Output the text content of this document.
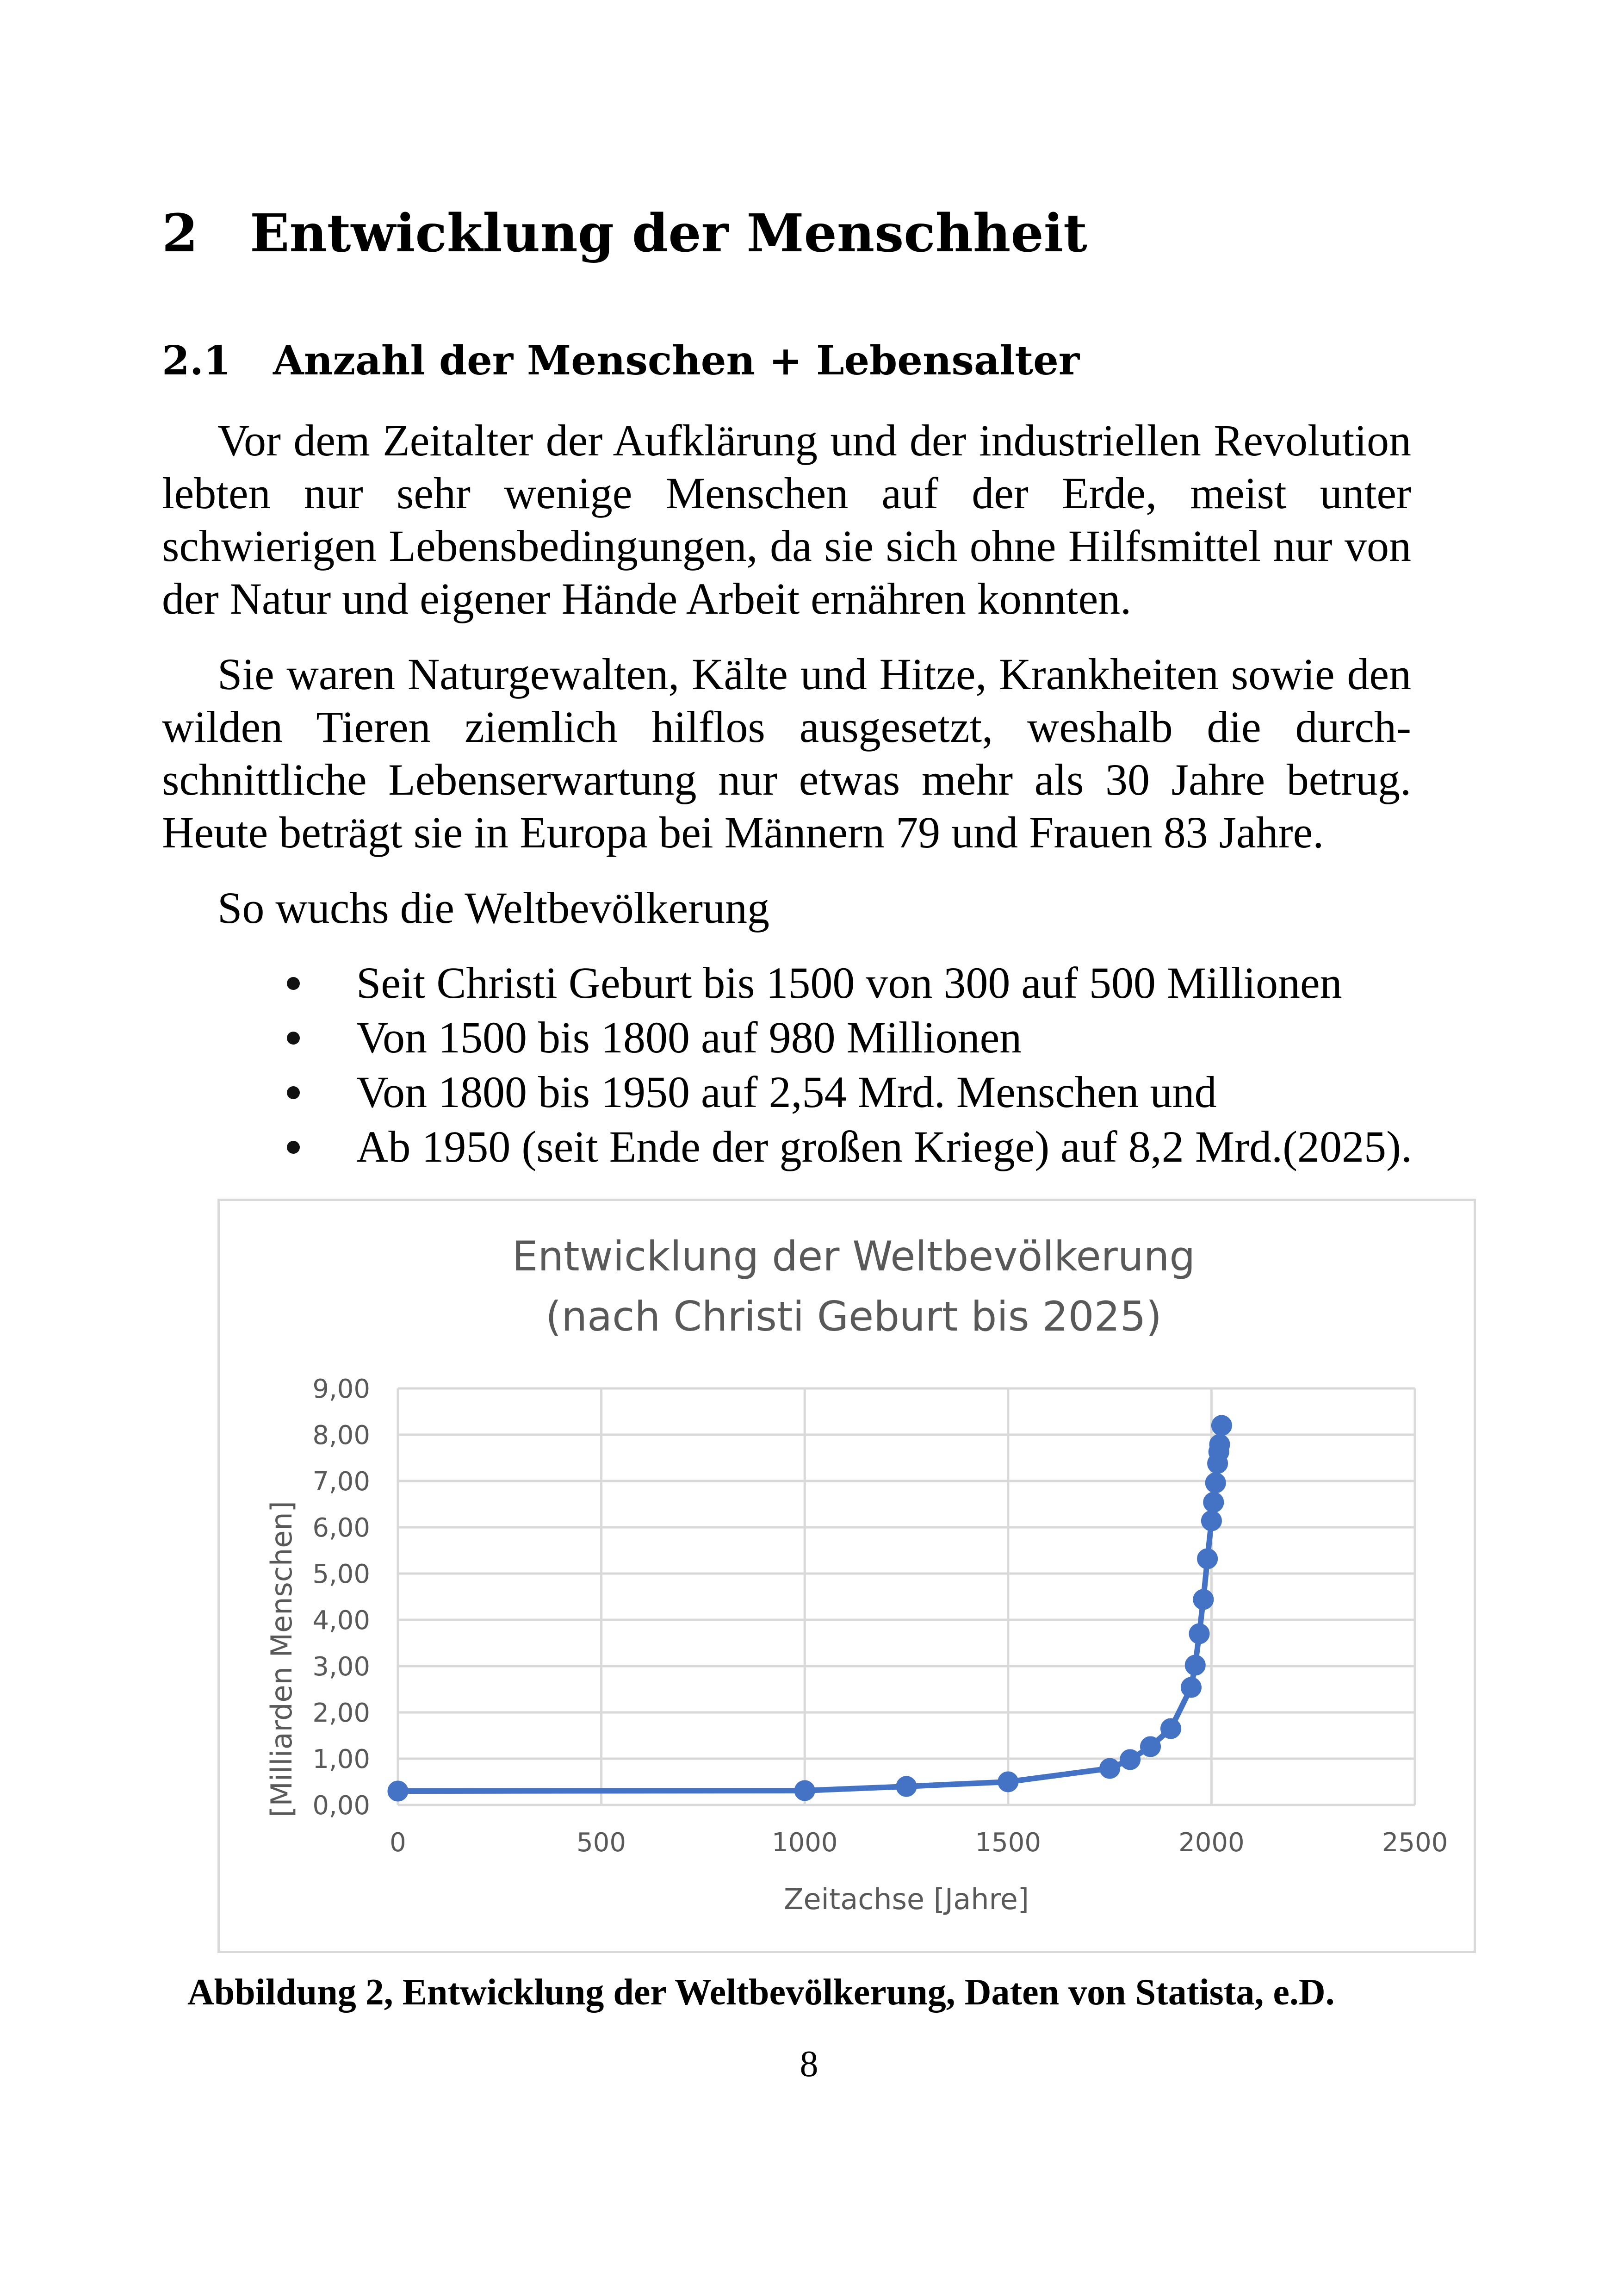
2 Entwicklung der Menschheit
2.1 Anzahl der Menschen + Lebensalter

Vor dem Zeitalter der Aufklärung und der industriellen Revolution lebten nur sehr wenige Menschen auf der Erde, meist unter schwierigen Lebensbedingungen, da sie sich ohne Hilfsmittel nur von der Natur und eigener Hände Arbeit ernähren konnten.

Sie waren Naturgewalten, Kälte und Hitze, Krankheiten sowie den wilden Tieren ziemlich hilflos ausgesetzt, weshalb die durch-schnittliche Lebenserwartung nur etwas mehr als 30 Jahre betrug. Heute beträgt sie in Europa bei Männern 79 und Frauen 83 Jahre.

So wuchs die Weltbevölkerung

Seit Christi Geburt bis 1500 von 300 auf 500 Millionen
Von 1500 bis 1800 auf 980 Millionen
Von 1800 bis 1950 auf 2,54 Mrd. Menschen und
Ab 1950 (seit Ende der großen Kriege) auf 8,2 Mrd.(2025).
Entwicklung der Weltbevölkerung
(nach Christi Geburt bis 2025)
[Milliarden Menschen]
Zeitachse [Jahre]
0,00
1,00
2,00
3,00
4,00
5,00
6,00
7,00
8,00
9,00
0	500	1000	1500	2000	2500
Abbildung 2, Entwicklung der Weltbevölkerung, Daten von Statista, e.D.
8
